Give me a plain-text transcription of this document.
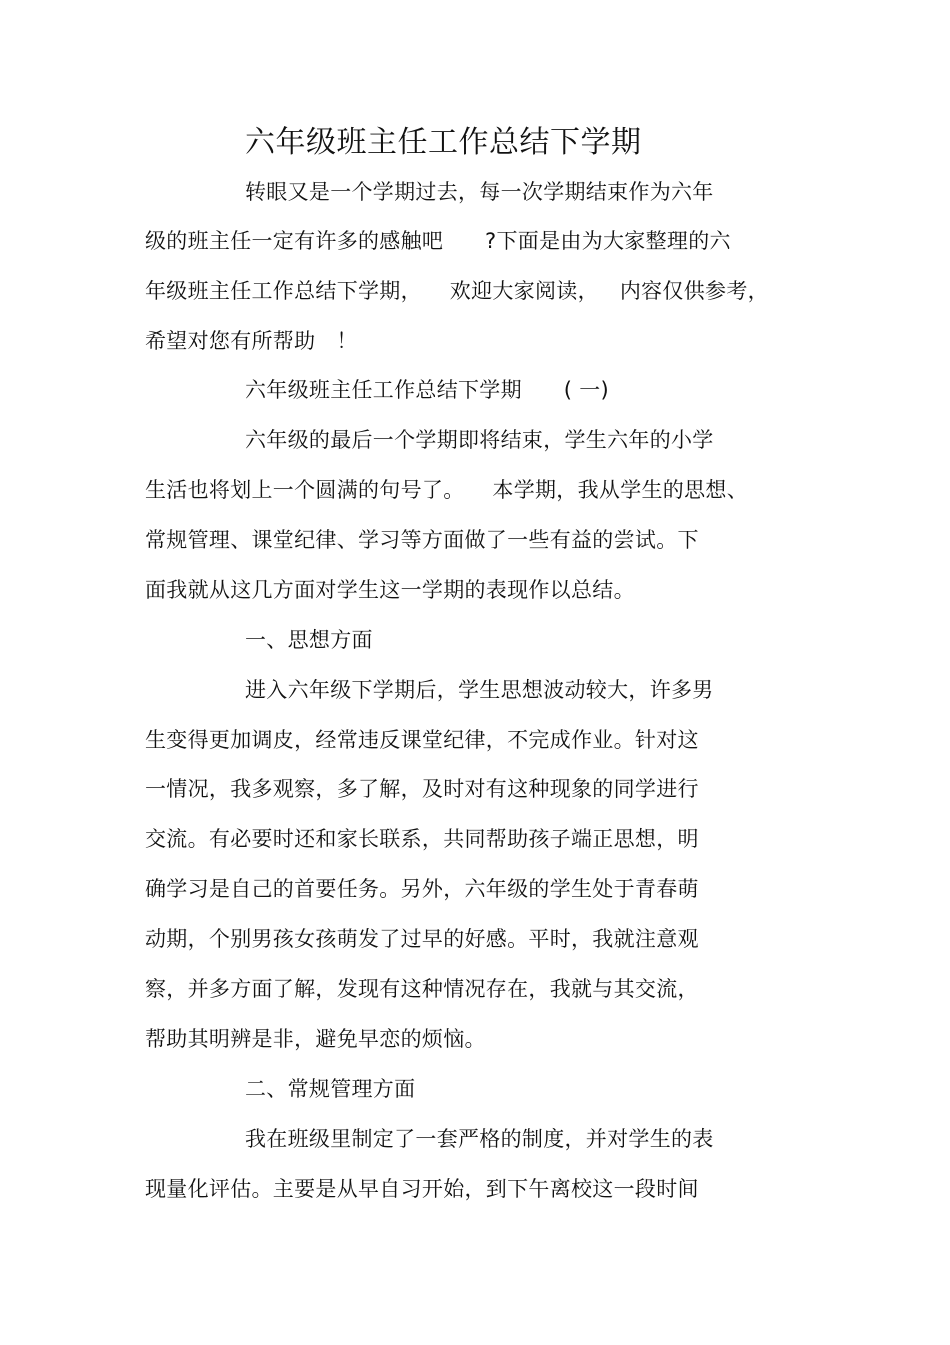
六年级班主任工作总结下学期
转眼又是一个学期过去，每一次学期结束作为六年
级的班主任一定有许多的感触吧      ?下面是由为大家整理的六
年级班主任工作总结下学期，    欢迎大家阅读，   内容仅供参考，
希望对您有所帮助   ！
六年级班主任工作总结下学期      ( 一)
六年级的最后一个学期即将结束，学生六年的小学
生活也将划上一个圆满的句号了。    本学期，我从学生的思想、
常规管理、课堂纪律、学习等方面做了一些有益的尝试。下
面我就从这几方面对学生这一学期的表现作以总结。
一、思想方面
进入六年级下学期后，学生思想波动较大，许多男
生变得更加调皮，经常违反课堂纪律，不完成作业。针对这
一情况，我多观察，多了解，及时对有这种现象的同学进行
交流。有必要时还和家长联系，共同帮助孩子端正思想，明
确学习是自己的首要任务。另外，六年级的学生处于青春萌
动期，个别男孩女孩萌发了过早的好感。平时，我就注意观
察，并多方面了解，发现有这种情况存在，我就与其交流，
帮助其明辨是非，避免早恋的烦恼。
二、常规管理方面
我在班级里制定了一套严格的制度，并对学生的表
现量化评估。主要是从早自习开始，到下午离校这一段时间
